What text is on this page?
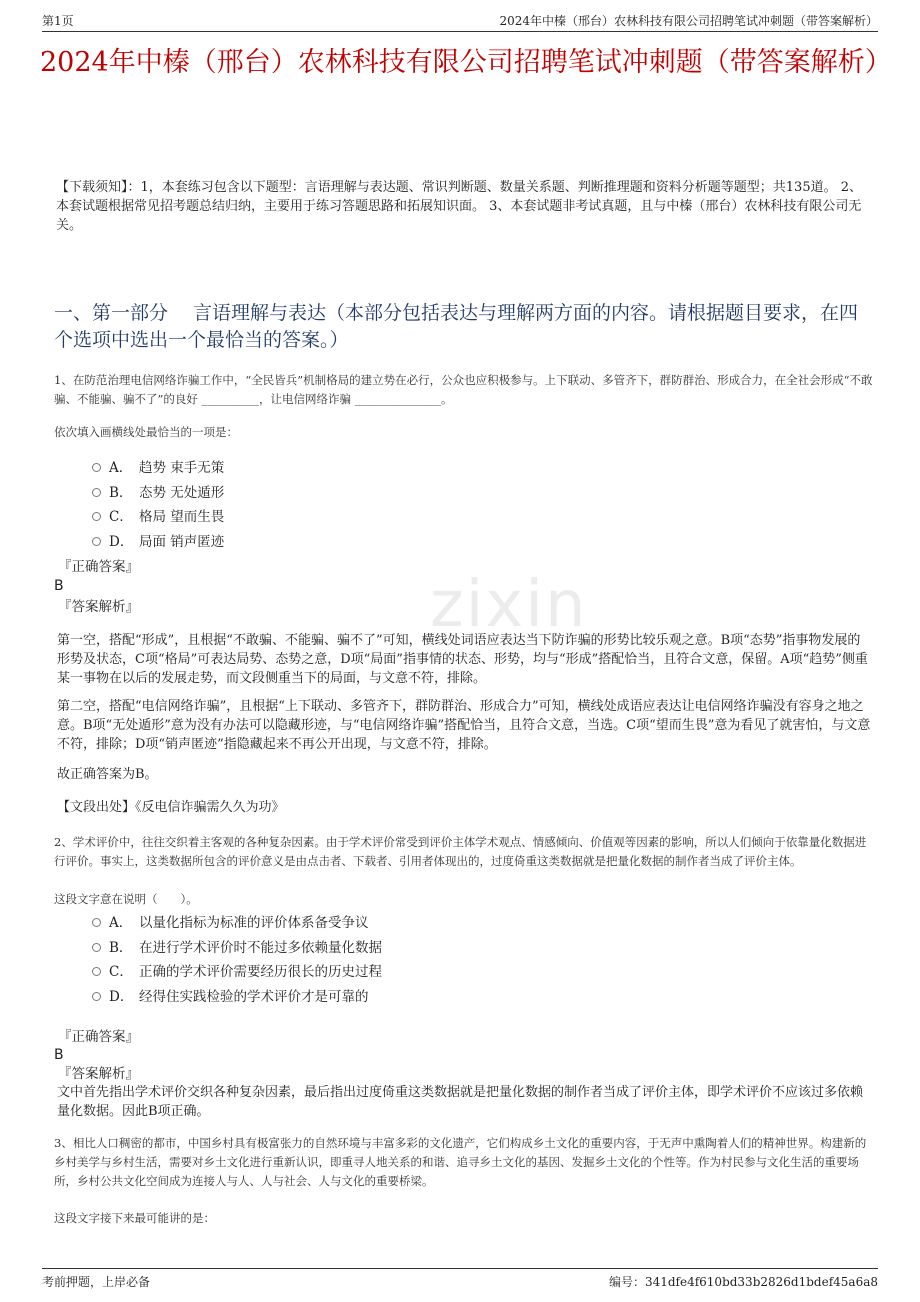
第1页	2024年中榛（邢台）农林科技有限公司招聘笔试冲刺题（带答案解析）
zixin
2024年中榛（邢台）农林科技有限公司招聘笔试冲刺题（带答案解析）

【下载须知】：1，本套练习包含以下题型：言语理解与表达题、常识判断题、数量关系题、判断推理题和资料分析题等题型；共135道。 2、本套试题根据常见招考题总结归纳，主要用于练习答题思路和拓展知识面。 3、本套试题非考试真题，且与中榛（邢台）农林科技有限公司无关。

一、第一部分　 言语理解与表达（本部分包括表达与理解两方面的内容。请根据题目要求，在四个选项中选出一个最恰当的答案。）

1、在防范治理电信网络诈骗工作中，“全民皆兵”机制格局的建立势在必行，公众也应积极参与。上下联动、多管齐下，群防群治、形成合力，在全社会形成“不敢骗、不能骗、骗不了”的良好 __________，让电信网络诈骗 _______________。

依次填入画横线处最恰当的一项是：

A． 趋势 束手无策
B． 态势 无处遁形
C． 格局 望而生畏
D． 局面 销声匿迹
『正确答案』
B
『答案解析』

第一空，搭配“形成”，且根据“不敢骗、不能骗、骗不了”可知，横线处词语应表达当下防诈骗的形势比较乐观之意。B项“态势”指事物发展的形势及状态，C项“格局”可表达局势、态势之意，D项“局面”指事情的状态、形势，均与“形成”搭配恰当，且符合文意，保留。A项“趋势”侧重某一事物在以后的发展走势，而文段侧重当下的局面，与文意不符，排除。

第二空，搭配“电信网络诈骗”，且根据“上下联动、多管齐下，群防群治、形成合力”可知，横线处成语应表达让电信网络诈骗没有容身之地之意。B项“无处遁形”意为没有办法可以隐藏形迹，与“电信网络诈骗”搭配恰当，且符合文意，当选。C项“望而生畏”意为看见了就害怕，与文意不符，排除；D项“销声匿迹”指隐藏起来不再公开出现，与文意不符，排除。

故正确答案为B。

【文段出处】《反电信诈骗需久久为功》

2、学术评价中，往往交织着主客观的各种复杂因素。由于学术评价常受到评价主体学术观点、情感倾向、价值观等因素的影响，所以人们倾向于依靠量化数据进行评价。事实上，这类数据所包含的评价意义是由点击者、下载者、引用者体现出的，过度倚重这类数据就是把量化数据的制作者当成了评价主体。

这段文字意在说明（　　）。

A． 以量化指标为标准的评价体系备受争议
B． 在进行学术评价时不能过多依赖量化数据
C． 正确的学术评价需要经历很长的历史过程
D． 经得住实践检验的学术评价才是可靠的
『正确答案』
B
『答案解析』

文中首先指出学术评价交织各种复杂因素，最后指出过度倚重这类数据就是把量化数据的制作者当成了评价主体，即学术评价不应该过多依赖量化数据。因此B项正确。

3、相比人口稠密的都市，中国乡村具有极富张力的自然环境与丰富多彩的文化遗产，它们构成乡土文化的重要内容，于无声中熏陶着人们的精神世界。构建新的乡村美学与乡村生活，需要对乡土文化进行重新认识，即重寻人地关系的和谐、追寻乡土文化的基因、发掘乡土文化的个性等。作为村民参与文化生活的重要场所，乡村公共文化空间成为连接人与人、人与社会、人与文化的重要桥梁。

这段文字接下来最可能讲的是：

考前押题，上岸必备	编号：341dfe4f610bd33b2826d1bdef45a6a8
